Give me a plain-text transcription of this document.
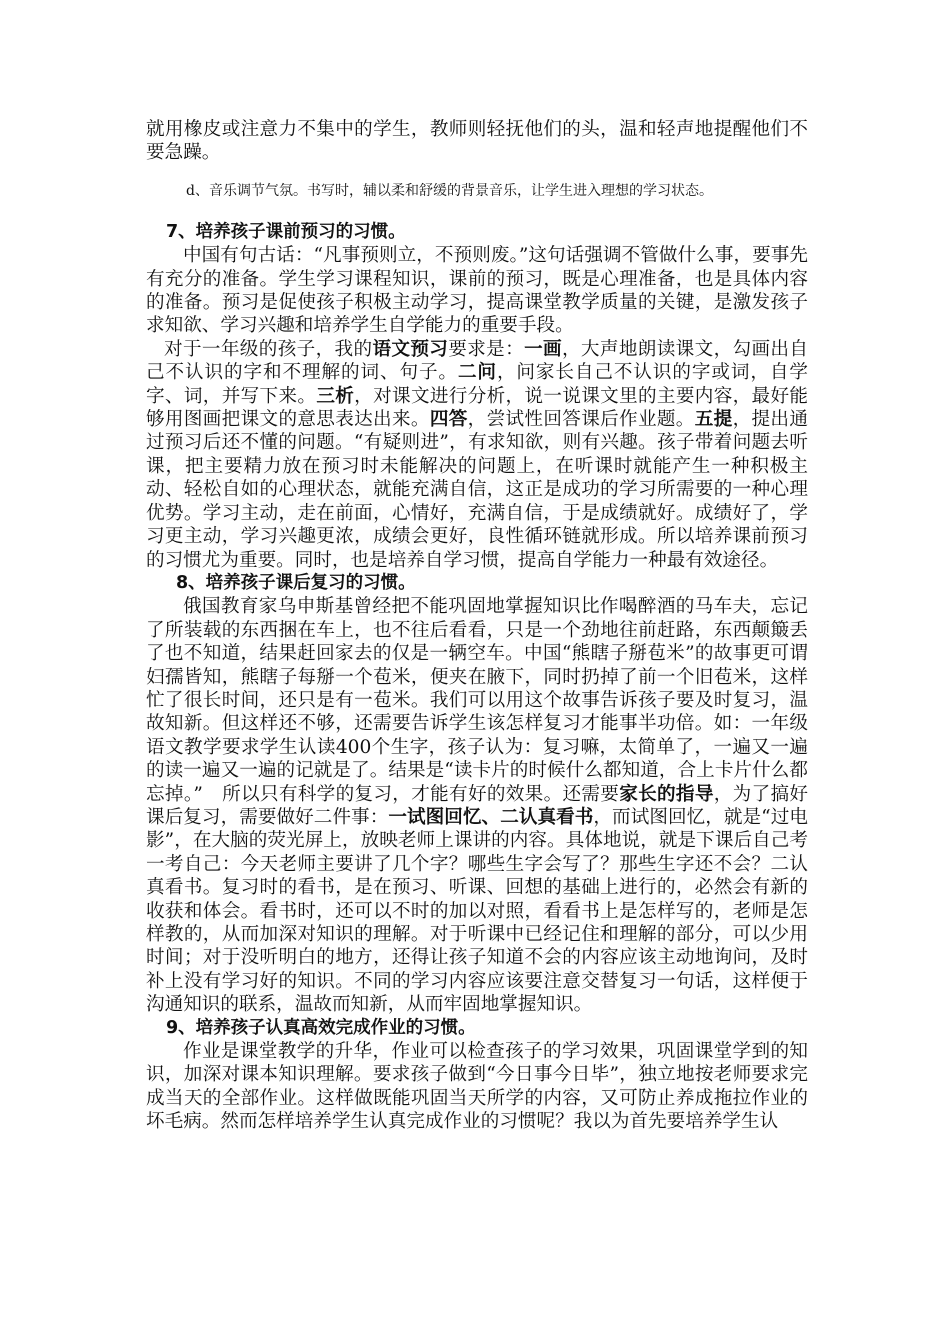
就用橡皮或注意力不集中的学生，教师则轻抚他们的头，温和轻声地提醒他们不要急躁。

d、音乐调节气氛。书写时，辅以柔和舒缓的背景音乐，让学生进入理想的学习状态。

7、培养孩子课前预习的习惯。

中国有句古话：“凡事预则立，不预则废。”这句话强调不管做什么事，要事先有充分的准备。学生学习课程知识，课前的预习，既是心理准备，也是具体内容的准备。预习是促使孩子积极主动学习，提高课堂教学质量的关键，是激发孩子求知欲、学习兴趣和培养学生自学能力的重要手段。

对于一年级的孩子，我的语文预习要求是：一画，大声地朗读课文，勾画出自己不认识的字和不理解的词、句子。二问，问家长自己不认识的字或词，自学字、词，并写下来。三析，对课文进行分析，说一说课文里的主要内容，最好能够用图画把课文的意思表达出来。四答，尝试性回答课后作业题。五提，提出通过预习后还不懂的问题。“有疑则进”，有求知欲，则有兴趣。孩子带着问题去听课，把主要精力放在预习时未能解决的问题上，在听课时就能产生一种积极主动、轻松自如的心理状态，就能充满自信，这正是成功的学习所需要的一种心理优势。学习主动，走在前面，心情好，充满自信，于是成绩就好。成绩好了，学习更主动，学习兴趣更浓，成绩会更好，良性循环链就形成。所以培养课前预习的习惯尤为重要。同时，也是培养自学习惯，提高自学能力一种最有效途径。

8、培养孩子课后复习的习惯。

俄国教育家乌申斯基曾经把不能巩固地掌握知识比作喝醉酒的马车夫，忘记了所装载的东西捆在车上，也不往后看看，只是一个劲地往前赶路，东西颠簸丢了也不知道，结果赶回家去的仅是一辆空车。中国“熊瞎子掰苞米”的故事更可谓妇孺皆知，熊瞎子每掰一个苞米，便夹在腋下，同时扔掉了前一个旧苞米，这样忙了很长时间，还只是有一苞米。我们可以用这个故事告诉孩子要及时复习，温故知新。但这样还不够，还需要告诉学生该怎样复习才能事半功倍。如：一年级语文教学要求学生认读400个生字，孩子认为：复习嘛，太简单了，一遍又一遍的读一遍又一遍的记就是了。结果是“读卡片的时候什么都知道，合上卡片什么都忘掉。”　所以只有科学的复习，才能有好的效果。还需要家长的指导，为了搞好课后复习，需要做好二件事：一试图回忆、二认真看书，而试图回忆，就是“过电影”，在大脑的荧光屏上，放映老师上课讲的内容。具体地说，就是下课后自己考一考自己：今天老师主要讲了几个字？哪些生字会写了？那些生字还不会？二认真看书。复习时的看书，是在预习、听课、回想的基础上进行的，必然会有新的收获和体会。看书时，还可以不时的加以对照，看看书上是怎样写的，老师是怎样教的，从而加深对知识的理解。对于听课中已经记住和理解的部分，可以少用时间；对于没听明白的地方，还得让孩子知道不会的内容应该主动地询问，及时补上没有学习好的知识。不同的学习内容应该要注意交替复习一句话，这样便于沟通知识的联系，温故而知新，从而牢固地掌握知识。

9、培养孩子认真高效完成作业的习惯。

作业是课堂教学的升华，作业可以检查孩子的学习效果，巩固课堂学到的知识，加深对课本知识理解。要求孩子做到“今日事今日毕”，独立地按老师要求完成当天的全部作业。这样做既能巩固当天所学的内容，又可防止养成拖拉作业的坏毛病。然而怎样培养学生认真完成作业的习惯呢？我以为首先要培养学生认
